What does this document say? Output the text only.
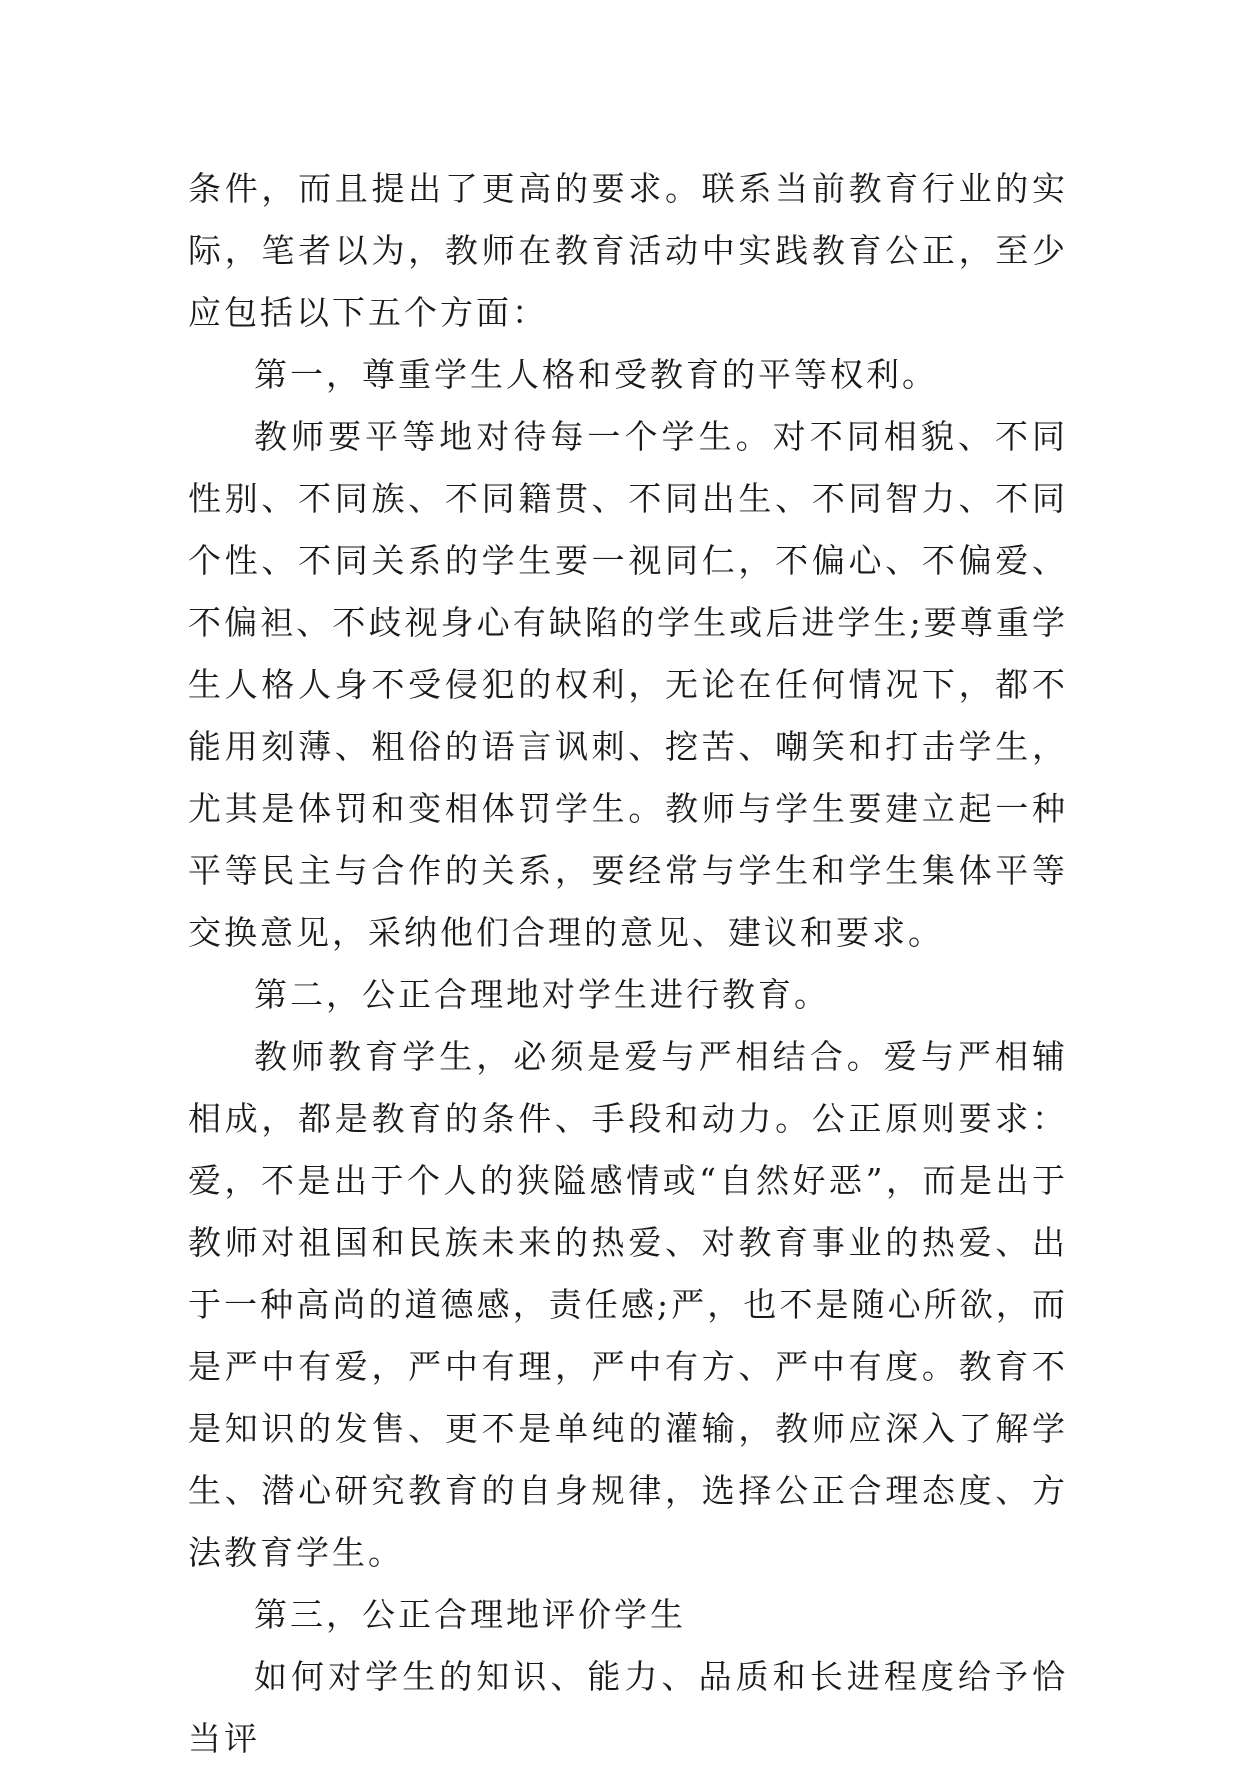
条件，而且提出了更高的要求。联系当前教育行业的实际，笔者以为，教师在教育活动中实践教育公正，至少应包括以下五个方面：

第一，尊重学生人格和受教育的平等权利。

教师要平等地对待每一个学生。对不同相貌、不同性别、不同族、不同籍贯、不同出生、不同智力、不同个性、不同关系的学生要一视同仁，不偏心、不偏爱、不偏袒、不歧视身心有缺陷的学生或后进学生;要尊重学生人格人身不受侵犯的权利，无论在任何情况下，都不能用刻薄、粗俗的语言讽刺、挖苦、嘲笑和打击学生，尤其是体罚和变相体罚学生。教师与学生要建立起一种平等民主与合作的关系，要经常与学生和学生集体平等交换意见，采纳他们合理的意见、建议和要求。

第二，公正合理地对学生进行教育。

教师教育学生，必须是爱与严相结合。爱与严相辅相成，都是教育的条件、手段和动力。公正原则要求：爱，不是出于个人的狭隘感情或“自然好恶”，而是出于教师对祖国和民族未来的热爱、对教育事业的热爱、出于一种高尚的道德感，责任感;严，也不是随心所欲，而是严中有爱，严中有理，严中有方、严中有度。教育不是知识的发售、更不是单纯的灌输，教师应深入了解学生、潜心研究教育的自身规律，选择公正合理态度、方法教育学生。

第三，公正合理地评价学生

如何对学生的知识、能力、品质和长进程度给予恰当评
